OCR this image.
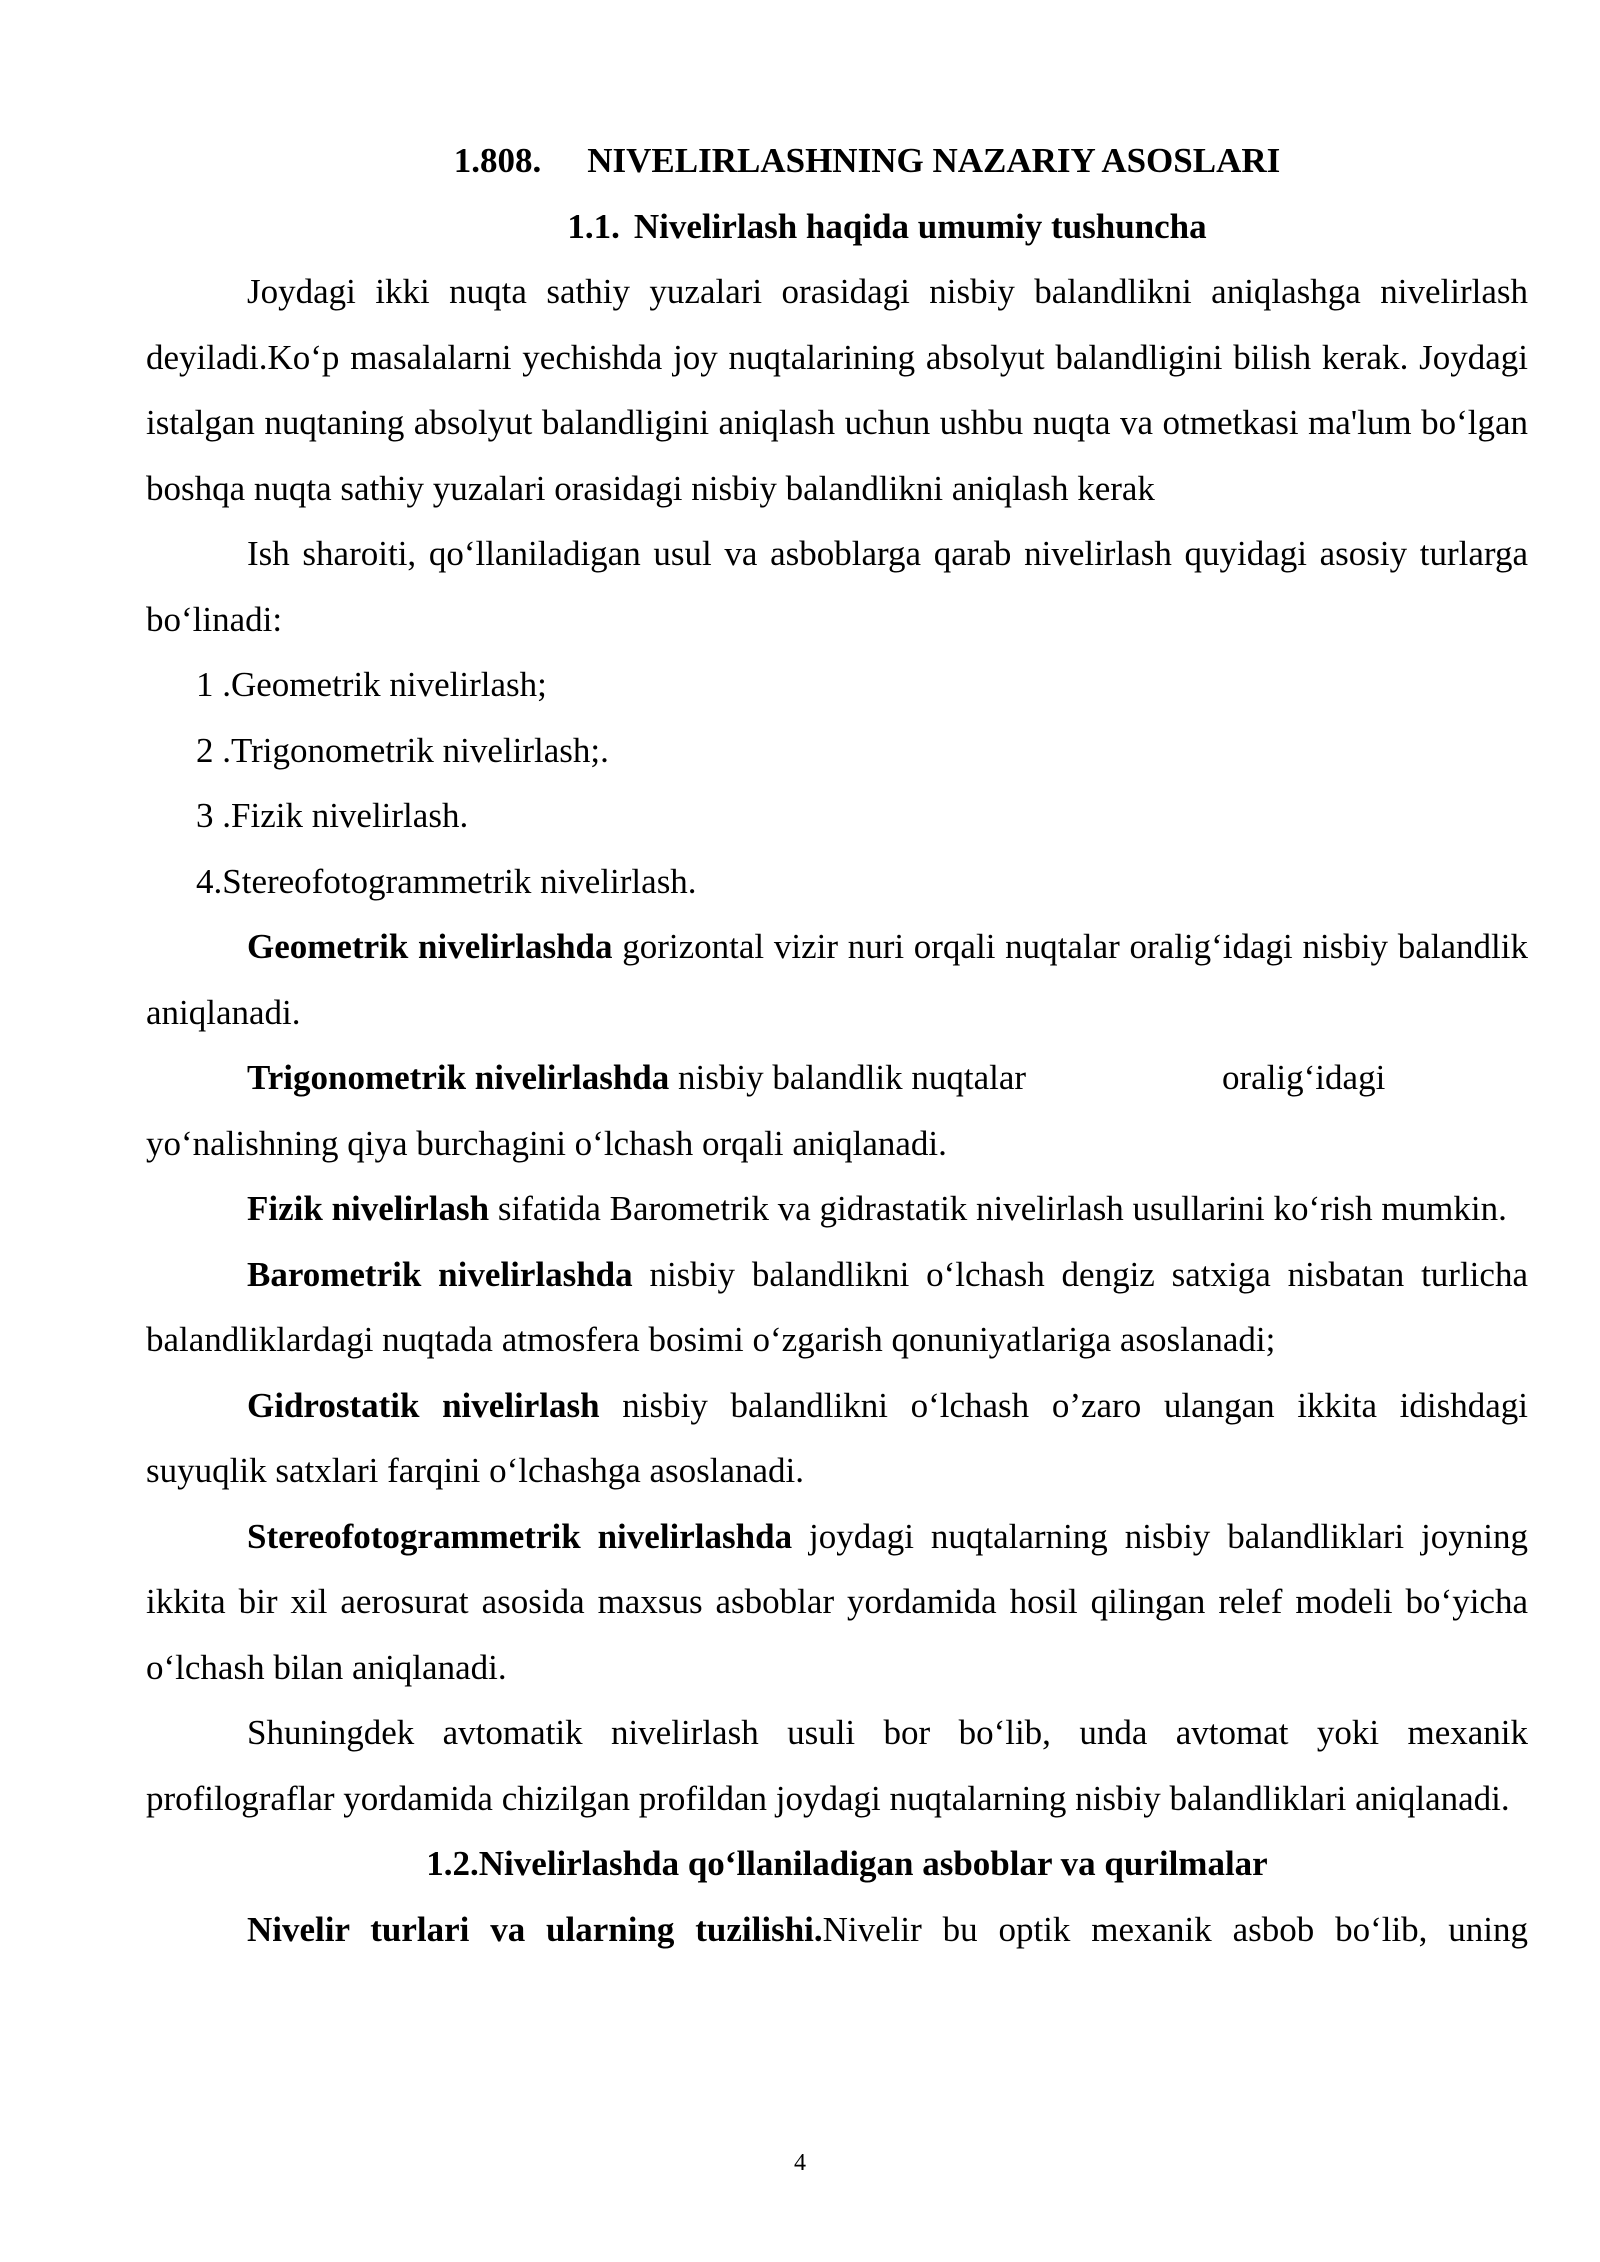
1.808. NIVELIRLASHNING NAZARIY ASOSLARI

1.1. Nivelirlash haqida umumiy tushuncha

Joydagi ikki nuqta sathiy yuzalari orasidagi nisbiy balandlikni aniqlashga nivelirlash deyiladi.Ko‘p masalalarni yechishda joy nuqtalarining absolyut balandligini bilish kerak. Joydagi istalgan nuqtaning absolyut balandligini aniqlash uchun ushbu nuqta va otmetkasi ma'lum bo‘lgan boshqa nuqta sathiy yuzalari orasidagi nisbiy balandlikni aniqlash kerak

Ish sharoiti, qo‘llaniladigan usul va asboblarga qarab nivelirlash quyidagi asosiy turlarga bo‘linadi:

1 .Geometrik nivelirlash;
2 .Trigonometrik nivelirlash;.
3 .Fizik nivelirlash.
4.Stereofotogrammetrik nivelirlash.

Geometrik nivelirlashda gorizontal vizir nuri orqali nuqtalar oralig‘idagi nisbiy balandlik aniqlanadi.

Trigonometrik nivelirlashda nisbiy balandlik nuqtalar	oralig‘idagi
yo‘nalishning qiya burchagini o‘lchash orqali aniqlanadi.

Fizik nivelirlash sifatida Barometrik va gidrastatik nivelirlash usullarini ko‘rish mumkin.

Barometrik nivelirlashda nisbiy balandlikni o‘lchash dengiz satxiga nisbatan turlicha balandliklardagi nuqtada atmosfera bosimi o‘zgarish qonuniyatlariga asoslanadi;

Gidrostatik nivelirlash nisbiy balandlikni o‘lchash o’zaro ulangan ikkita idishdagi suyuqlik satxlari farqini o‘lchashga asoslanadi.

Stereofotogrammetrik nivelirlashda joydagi nuqtalarning nisbiy balandliklari joyning ikkita bir xil aerosurat asosida maxsus asboblar yordamida hosil qilingan relef modeli bo‘yicha o‘lchash bilan aniqlanadi.

Shuningdek avtomatik nivelirlash usuli bor bo‘lib, unda avtomat yoki mexanik profilograflar yordamida chizilgan profildan joydagi nuqtalarning nisbiy balandliklari aniqlanadi.

1.2.Nivelirlashda qo‘llaniladigan asboblar va qurilmalar

Nivelir turlari va ularning tuzilishi.Nivelir bu optik mexanik asbob bo‘lib, uning

4
